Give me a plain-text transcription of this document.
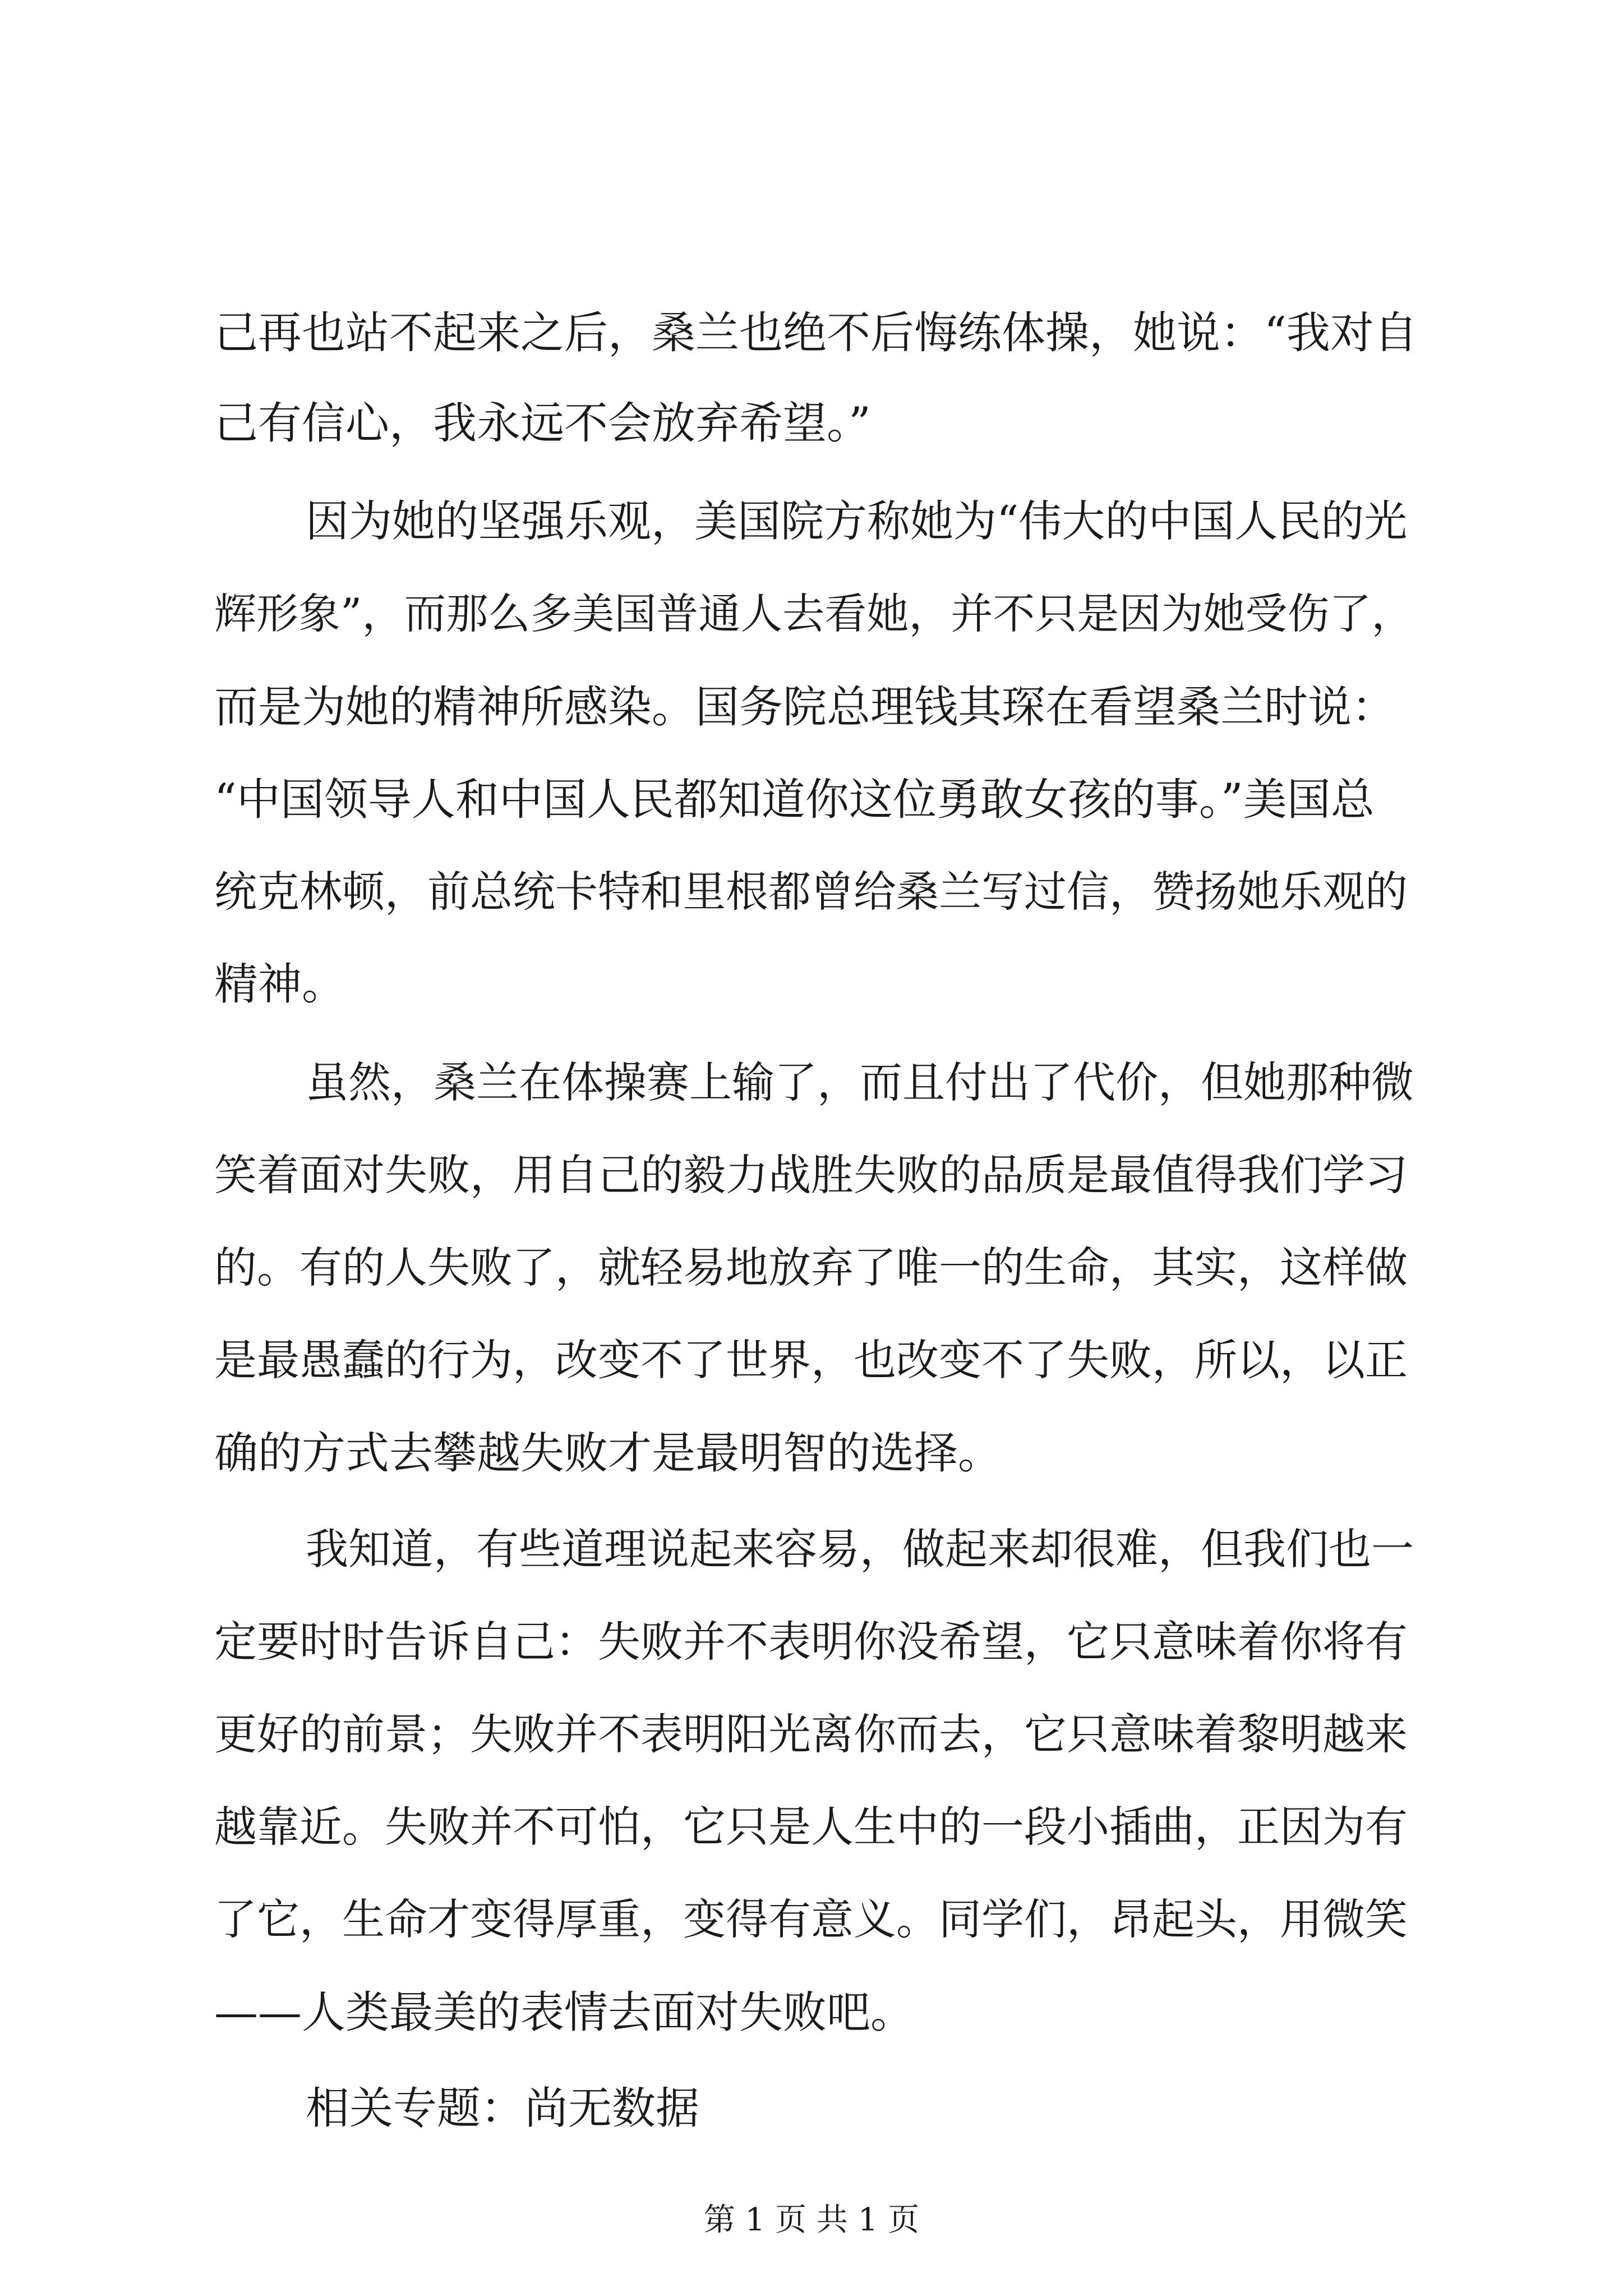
己再也站不起来之后，桑兰也绝不后悔练体操，她说：“我对自
己有信心，我永远不会放弃希望。”
因为她的坚强乐观，美国院方称她为“伟大的中国人民的光
辉形象”，而那么多美国普通人去看她，并不只是因为她受伤了，
而是为她的精神所感染。国务院总理钱其琛在看望桑兰时说：
“中国领导人和中国人民都知道你这位勇敢女孩的事。”美国总
统克林顿，前总统卡特和里根都曾给桑兰写过信，赞扬她乐观的
精神。
虽然，桑兰在体操赛上输了，而且付出了代价，但她那种微
笑着面对失败，用自己的毅力战胜失败的品质是最值得我们学习
的。有的人失败了，就轻易地放弃了唯一的生命，其实，这样做
是最愚蠢的行为，改变不了世界，也改变不了失败，所以，以正
确的方式去攀越失败才是最明智的选择。
我知道，有些道理说起来容易，做起来却很难，但我们也一
定要时时告诉自己：失败并不表明你没希望，它只意味着你将有
更好的前景；失败并不表明阳光离你而去，它只意味着黎明越来
越靠近。失败并不可怕，它只是人生中的一段小插曲，正因为有
了它，生命才变得厚重，变得有意义。同学们，昂起头，用微笑
——人类最美的表情去面对失败吧。
相关专题：尚无数据
第 1 页 共 1 页
